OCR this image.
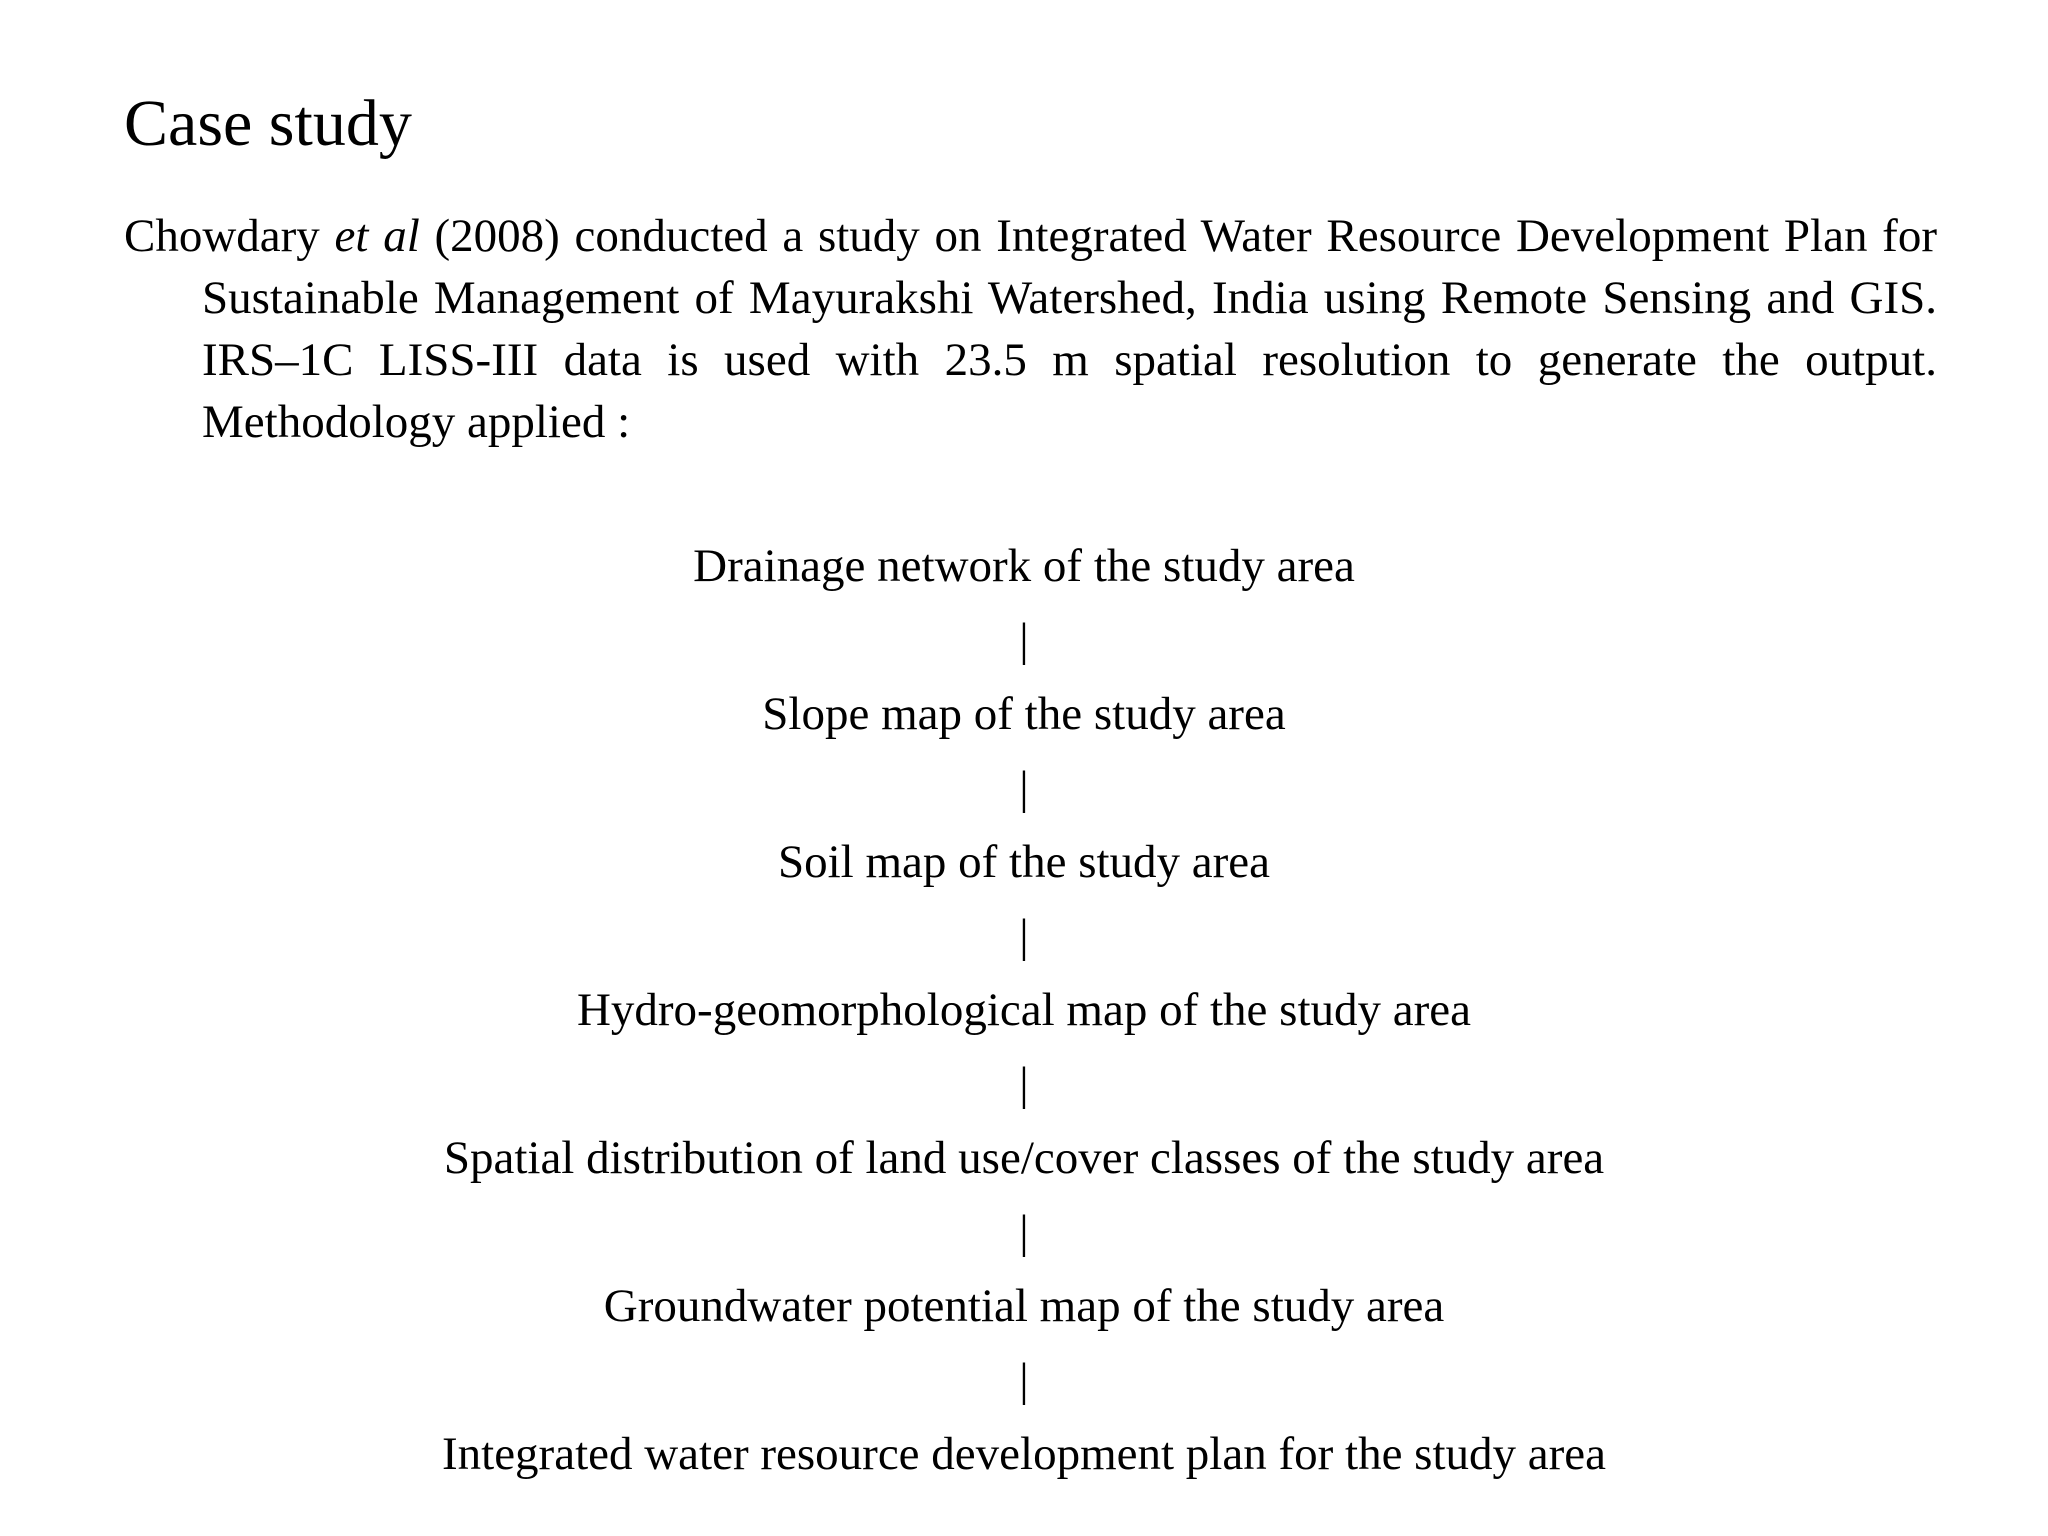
Case study

Chowdary et al (2008) conducted a study on Integrated Water Resource Development Plan for Sustainable Management of Mayurakshi Watershed, India using Remote Sensing and GIS. IRS–1C LISS-III data is used with 23.5 m spatial resolution to generate the output. Methodology applied :

Drainage network of the study area
|
Slope map of the study area
|
Soil map of the study area
|
Hydro-geomorphological map of the study area
|
Spatial distribution of land use/cover classes of the study area
|
Groundwater potential map of the study area
|
Integrated water resource development plan for the study area
